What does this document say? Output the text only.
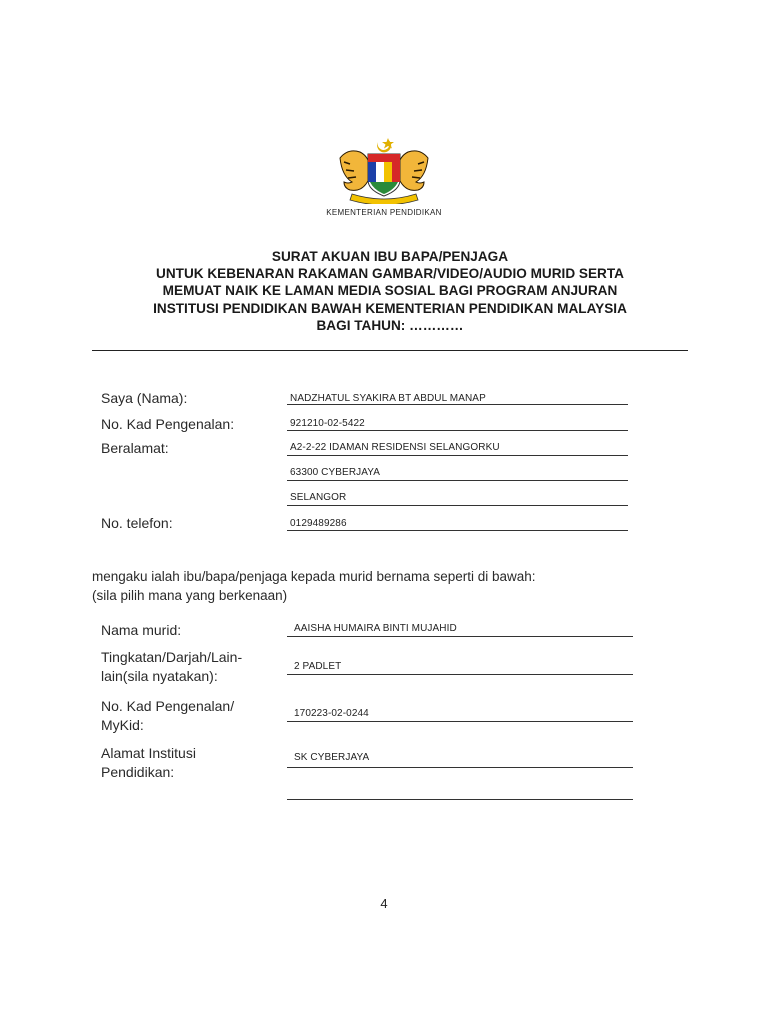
KEMENTERIAN PENDIDIKAN
SURAT AKUAN IBU BAPA/PENJAGA
UNTUK KEBENARAN RAKAMAN GAMBAR/VIDEO/AUDIO MURID SERTA
MEMUAT NAIK KE LAMAN MEDIA SOSIAL BAGI PROGRAM ANJURAN
INSTITUSI PENDIDIKAN BAWAH KEMENTERIAN PENDIDIKAN MALAYSIA
BAGI TAHUN: …………
Saya (Nama):	NADZHATUL SYAKIRA BT ABDUL MANAP
No. Kad Pengenalan:	921210-02-5422
Beralamat:	A2-2-22 IDAMAN RESIDENSI SELANGORKU
63300 CYBERJAYA
SELANGOR
No. telefon:	0129489286
mengaku ialah ibu/bapa/penjaga kepada murid bernama seperti di bawah:
(sila pilih mana yang berkenaan)
Nama murid:	AAISHA HUMAIRA BINTI MUJAHID
Tingkatan/Darjah/Lain-
lain(sila nyatakan):
2 PADLET
No. Kad Pengenalan/
MyKid:
170223-02-0244
Alamat Institusi
Pendidikan:
SK CYBERJAYA
4
